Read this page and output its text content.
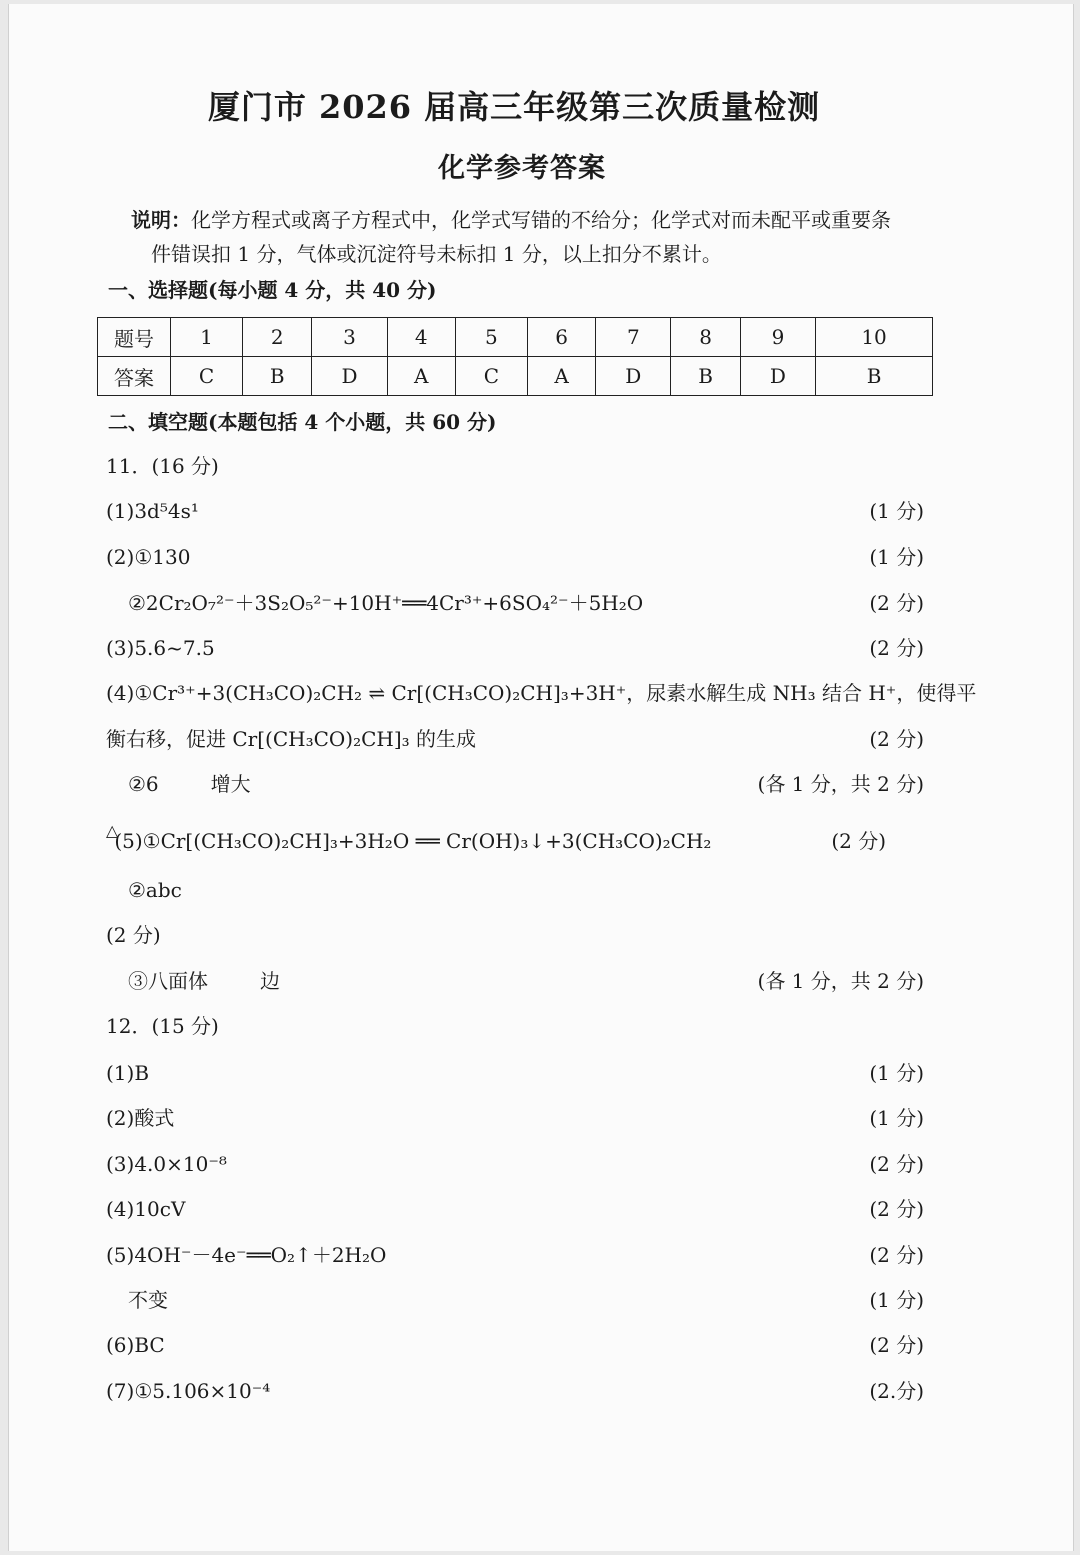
厦门市 2026 届高三年级第三次质量检测
化学参考答案
说明：化学方程式或离子方程式中，化学式写错的不给分；化学式对而未配平或重要条
件错误扣 1 分，气体或沉淀符号未标扣 1 分，以上扣分不累计。
一、选择题(每小题 4 分，共 40 分)
题号	1	2	3	4	5	6	7	8	9	10
答案	C	B	D	A	C	A	D	B	D	B
二、填空题(本题包括 4 个小题，共 60 分)
11．(16 分)
(1)3d⁵4s¹	(1 分)
(2)①130	(1 分)
②2Cr₂O₇²⁻＋3S₂O₅²⁻+10H⁺══4Cr³⁺+6SO₄²⁻＋5H₂O	(2 分)
(3)5.6~7.5	(2 分)
(4)①Cr³⁺+3(CH₃CO)₂CH₂ ⇌ Cr[(CH₃CO)₂CH]₃+3H⁺，尿素水解生成 NH₃ 结合 H⁺，使得平
衡右移，促进 Cr[(CH₃CO)₂CH]₃ 的生成	(2 分)
②6	增大	(各 1 分，共 2 分)
△(5)①Cr[(CH₃CO)₂CH]₃+3H₂O ══ Cr(OH)₃↓+3(CH₃CO)₂CH₂	(2 分)
②abc
(2 分)
③八面体	边	(各 1 分，共 2 分)
12．(15 分)
(1)B	(1 分)
(2)酸式	(1 分)
(3)4.0×10⁻⁸	(2 分)
(4)10cV	(2 分)
(5)4OH⁻－4e⁻══O₂↑＋2H₂O	(2 分)
不变	(1 分)
(6)BC	(2 分)
(7)①5.106×10⁻⁴	(2.分)
